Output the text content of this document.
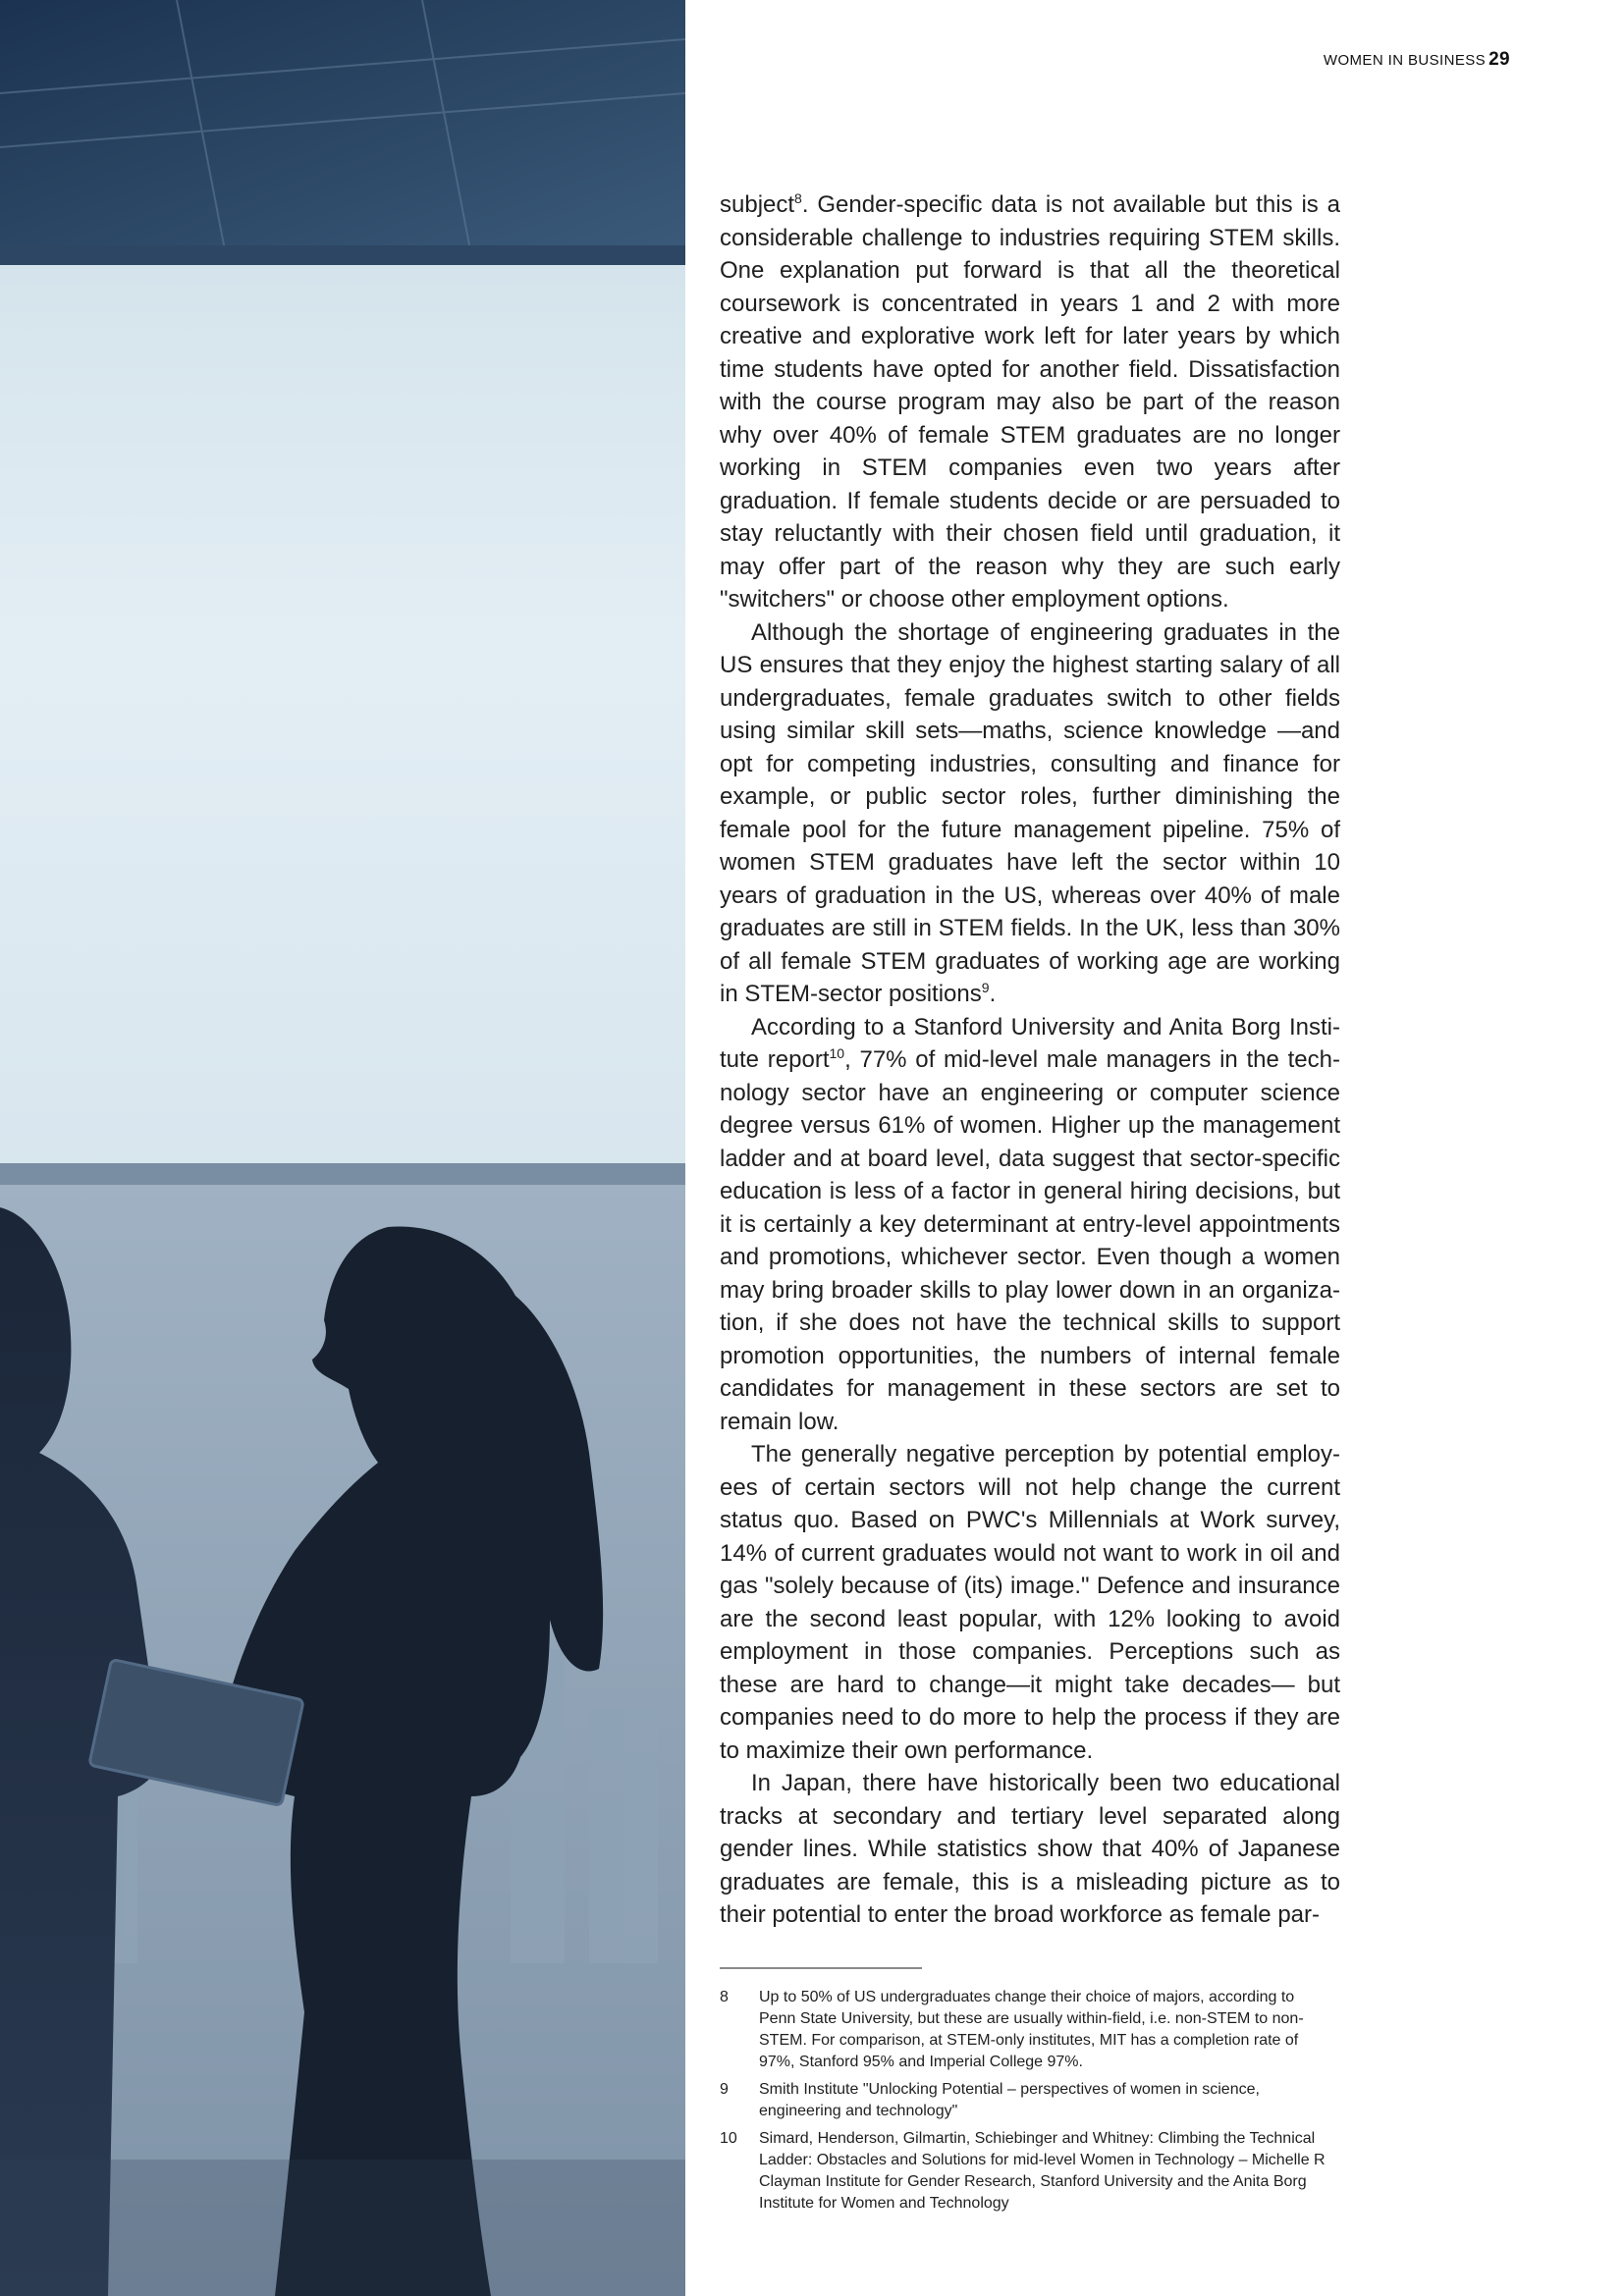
WOMEN IN BUSINESS 29

subject$^8$. Gender-specific data is not available but this is a considerable challenge to industries requiring STEM skills. One explanation put forward is that all the theoretical coursework is concentrated in years 1 and 2 with more creative and explorative work left for later years by which time students have opted for another field. Dissatisfaction with the course program may also be part of the reason why over 40% of female STEM graduates are no longer working in STEM companies even two years after graduation. If female students decide or are persuaded to stay reluctantly with their chosen field until graduation, it may offer part of the reason why they are such early "switchers" or choose other employment options.

Although the shortage of engineering graduates in the US ensures that they enjoy the highest starting salary of all undergraduates, female graduates switch to other fields using similar skill sets—maths, science knowledge —and opt for competing industries, consulting and finance for example, or public sector roles, further diminishing the female pool for the future management pipeline. 75% of women STEM graduates have left the sector within 10 years of graduation in the US, whereas over 40% of male graduates are still in STEM fields. In the UK, less than 30% of all female STEM graduates of working age are working in STEM-sector positions$^9$.

According to a Stanford University and Anita Borg Institute report$^{10}$, 77% of mid-level male managers in the technology sector have an engineering or computer science degree versus 61% of women. Higher up the management ladder and at board level, data suggest that sector-specific education is less of a factor in general hiring decisions, but it is certainly a key determinant at entry-level appointments and promotions, whichever sector. Even though a women may bring broader skills to play lower down in an organization, if she does not have the technical skills to support promotion opportunities, the numbers of internal female candidates for management in these sectors are set to remain low.

The generally negative perception by potential employees of certain sectors will not help change the current status quo. Based on PWC's Millennials at Work survey, 14% of current graduates would not want to work in oil and gas "solely because of (its) image." Defence and insurance are the second least popular, with 12% looking to avoid employment in those companies. Perceptions such as these are hard to change—it might take decades— but companies need to do more to help the process if they are to maximize their own performance.

In Japan, there have historically been two educational tracks at secondary and tertiary level separated along gender lines. While statistics show that 40% of Japanese graduates are female, this is a misleading picture as to their potential to enter the broad workforce as female par-

8	Up to 50% of US undergraduates change their choice of majors, according to Penn State University, but these are usually within-field, i.e. non-STEM to non-STEM. For comparison, at STEM-only institutes, MIT has a completion rate of 97%, Stanford 95% and Imperial College 97%.
9	Smith Institute "Unlocking Potential – perspectives of women in science, engineering and technology"
10	Simard, Henderson, Gilmartin, Schiebinger and Whitney: Climbing the Technical Ladder: Obstacles and Solutions for mid-level Women in Technology – Michelle R Clayman Institute for Gender Research, Stanford University and the Anita Borg Institute for Women and Technology
